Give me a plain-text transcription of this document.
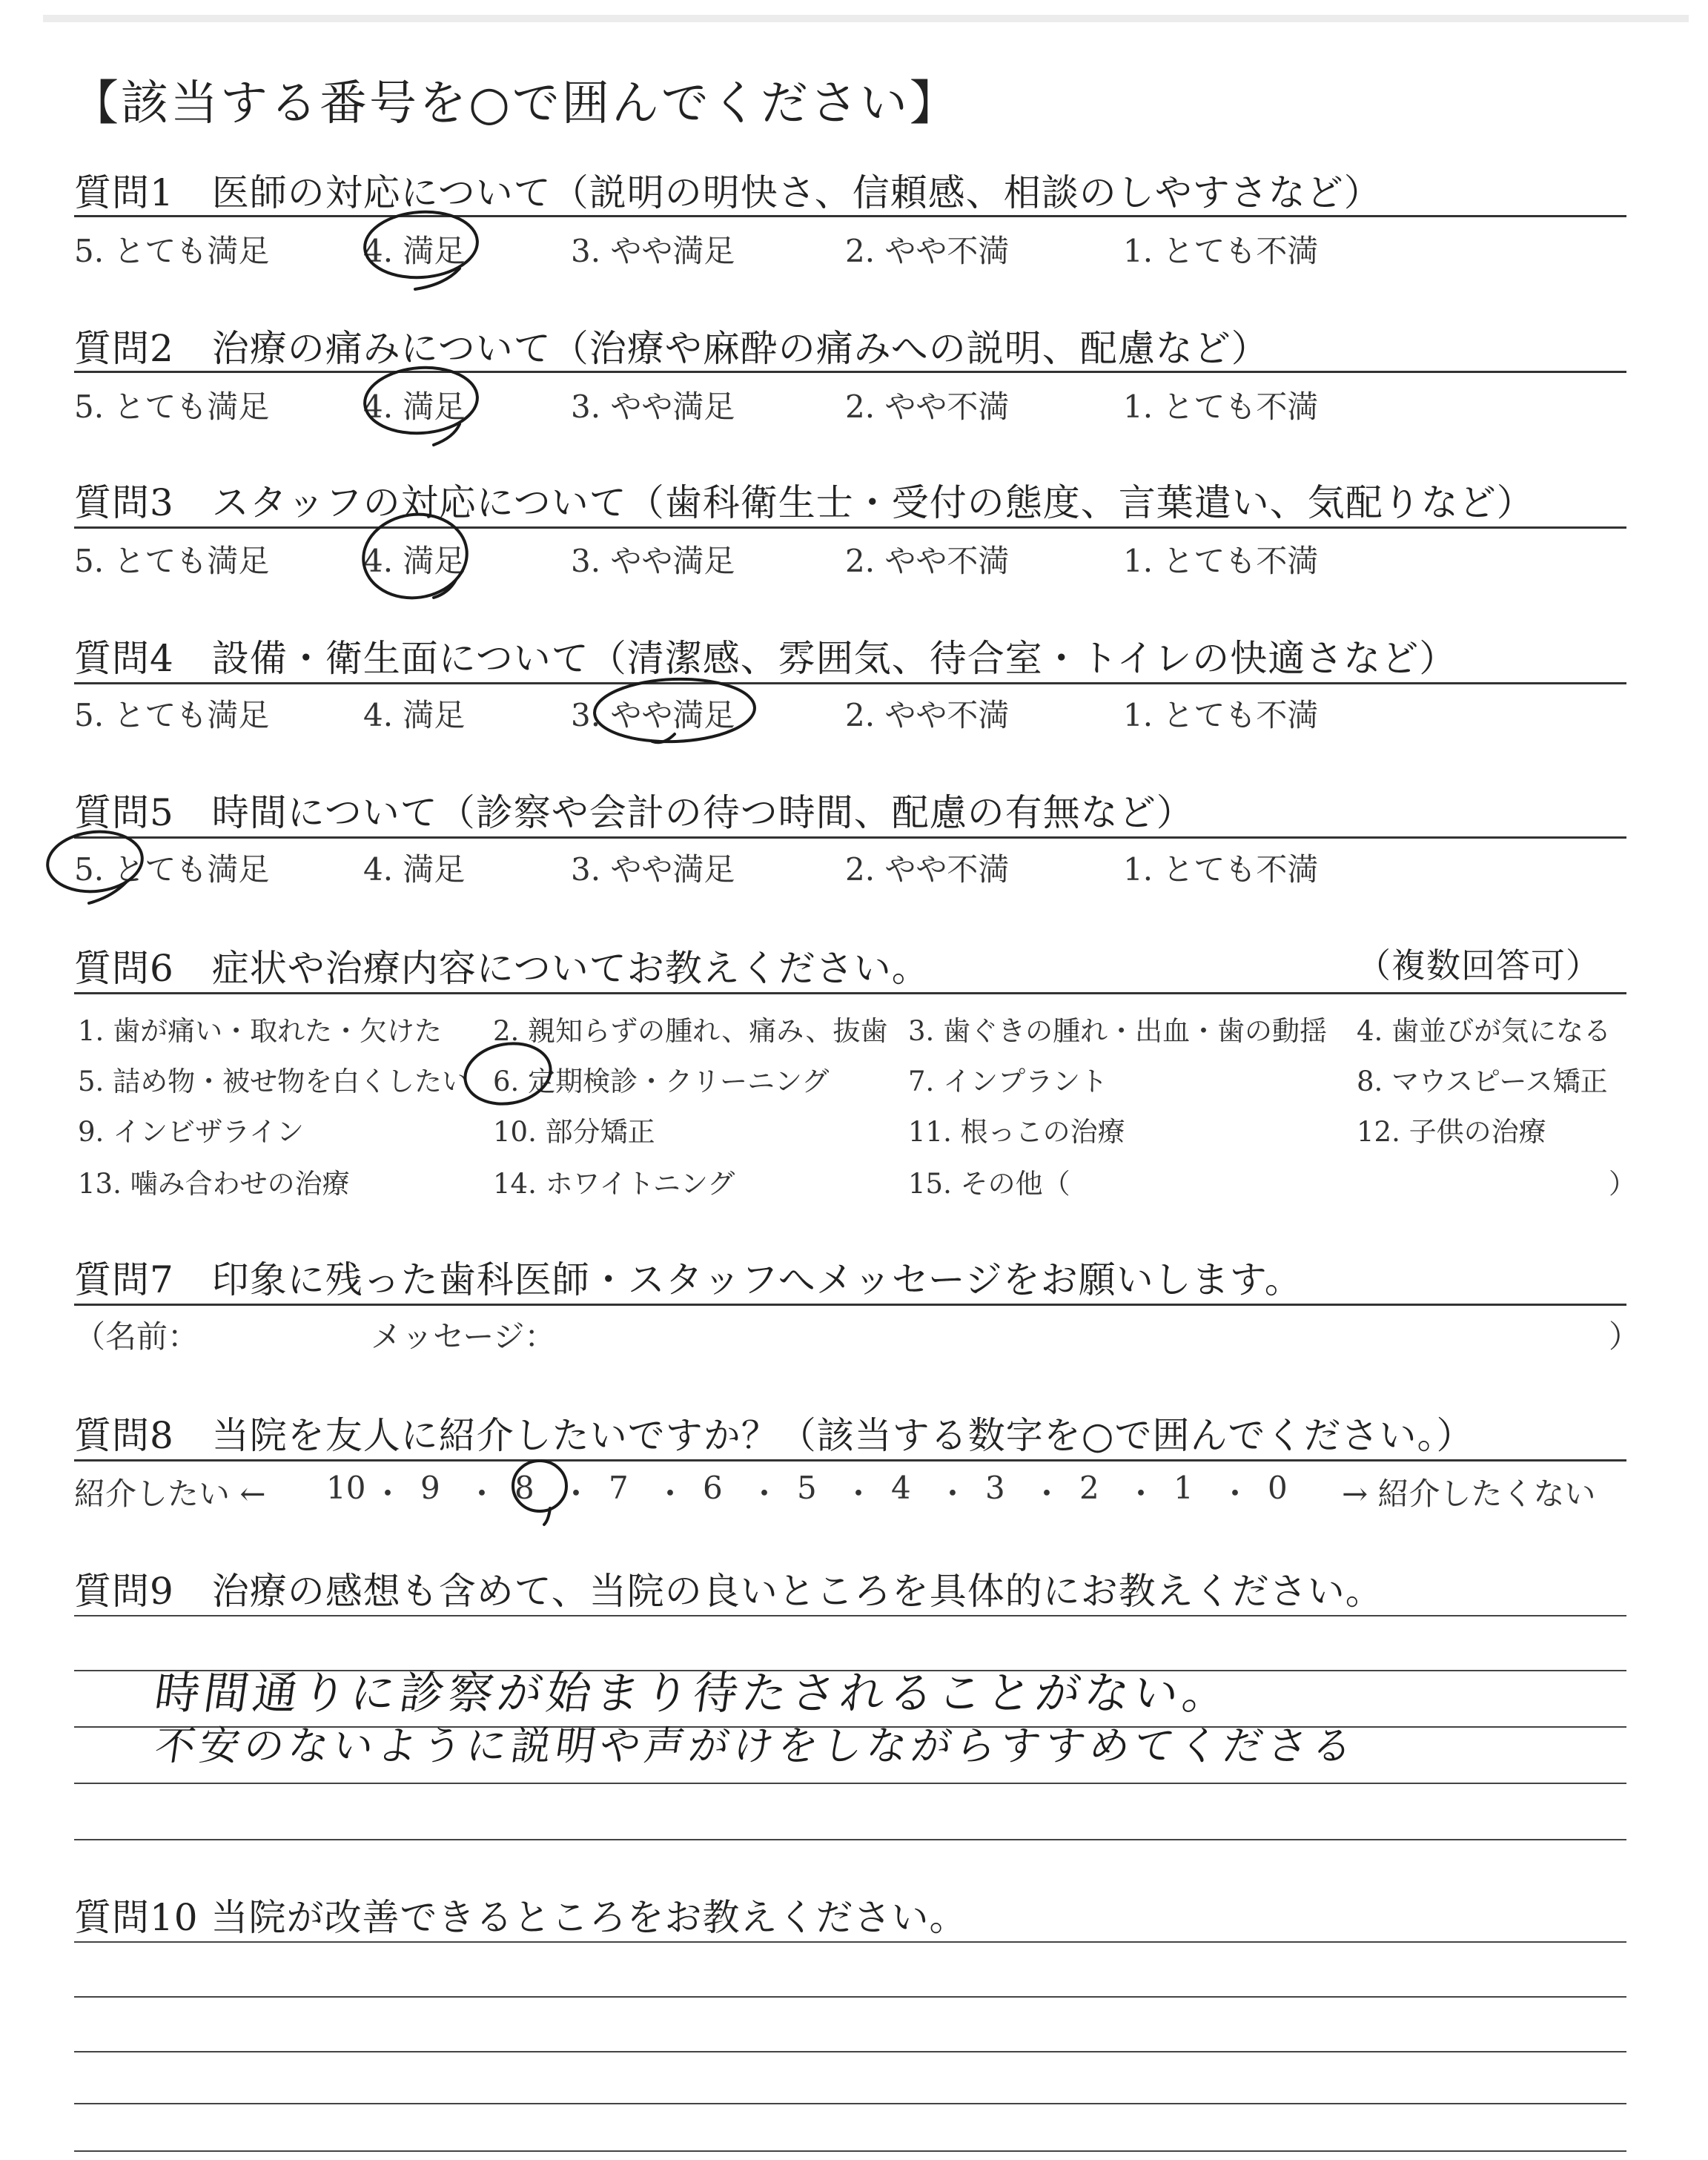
【該当する番号を○で囲んでください】
質問1　医師の対応について（説明の明快さ、信頼感、相談のしやすさなど）
5. とても満足	4. 満足	3. やや満足	2. やや不満	1. とても不満
質問2　治療の痛みについて（治療や麻酔の痛みへの説明、配慮など）
5. とても満足	4. 満足	3. やや満足	2. やや不満	1. とても不満
質問3　スタッフの対応について（歯科衛生士・受付の態度、言葉遣い、気配りなど）
5. とても満足	4. 満足	3. やや満足	2. やや不満	1. とても不満
質問4　設備・衛生面について（清潔感、雰囲気、待合室・トイレの快適さなど）
5. とても満足	4. 満足	3. やや満足	2. やや不満	1. とても不満
質問5　時間について（診察や会計の待つ時間、配慮の有無など）
5. とても満足	4. 満足	3. やや満足	2. やや不満	1. とても不満
質問6　症状や治療内容についてお教えください。	（複数回答可）
1. 歯が痛い・取れた・欠けた 2. 親知らずの腫れ、痛み、抜歯 3. 歯ぐきの腫れ・出血・歯の動揺 4. 歯並びが気になる
5. 詰め物・被せ物を白くしたい 6. 定期検診・クリーニング	7. インプラント	8. マウスピース矯正
9. インビザライン	10. 部分矯正	11. 根っこの治療	12. 子供の治療
13. 噛み合わせの治療	14. ホワイトニング	15. その他（	）
質問7　印象に残った歯科医師・スタッフへメッセージをお願いします。
（名前：	メッセージ：	）
質問8　当院を友人に紹介したいですか？（該当する数字を○で囲んでください。）
紹介したい ← 10 ・ 9 ・ 8 ・ 7 ・ 6 ・ 5 ・ 4 ・ 3 ・ 2 ・ 1 ・ 0 → 紹介したくない
質問9　治療の感想も含めて、当院の良いところを具体的にお教えください。
時間通りに診察が始まり待たされることがない。
不安のないように説明や声がけをしながらすすめてくださる
質問10 当院が改善できるところをお教えください。
